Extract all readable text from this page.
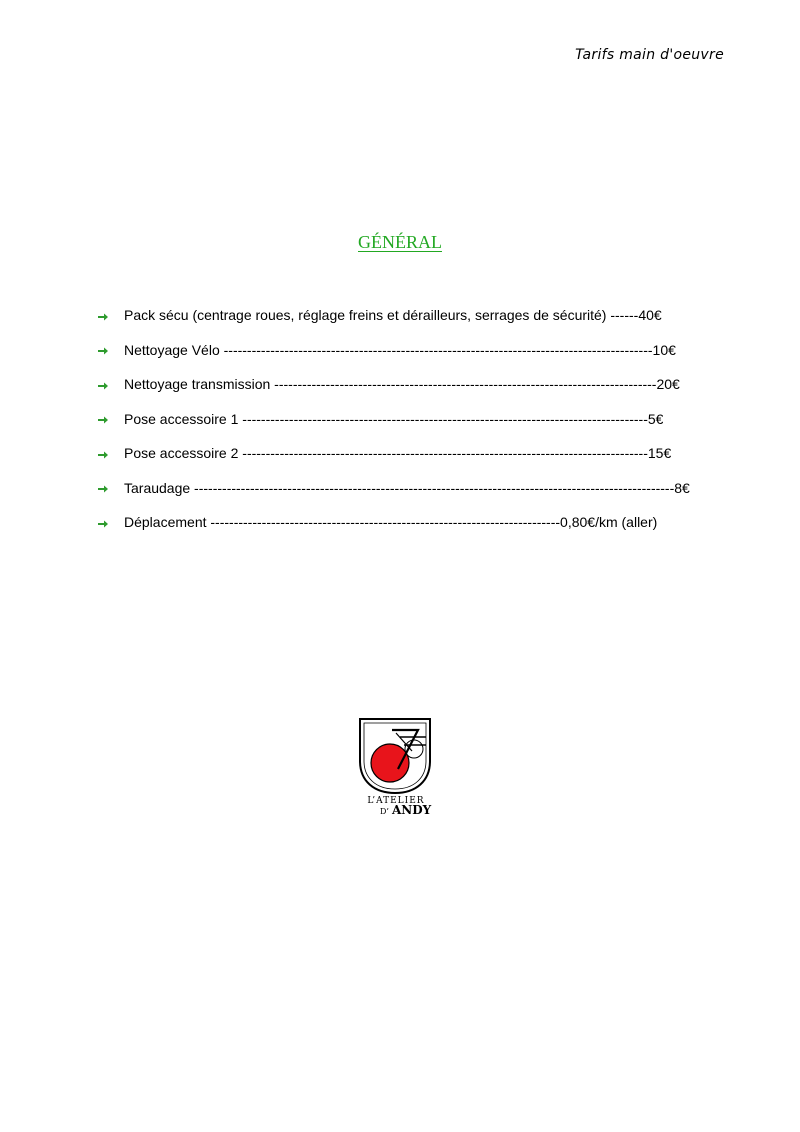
Tarifs main d'oeuvre
GÉNÉRAL
Pack sécu (centrage roues, réglage freins et dérailleurs, serrages de sécurité) ------40€
Nettoyage Vélo --------------------------------------------------------------------------------------------10€
Nettoyage transmission ----------------------------------------------------------------------------------20€
Pose accessoire 1 ---------------------------------------------------------------------------------------5€
Pose accessoire 2 ---------------------------------------------------------------------------------------15€
Taraudage -------------------------------------------------------------------------------------------------------8€
Déplacement ---------------------------------------------------------------------------0,80€/km (aller)
L’ATELIER
D’ ANDY
